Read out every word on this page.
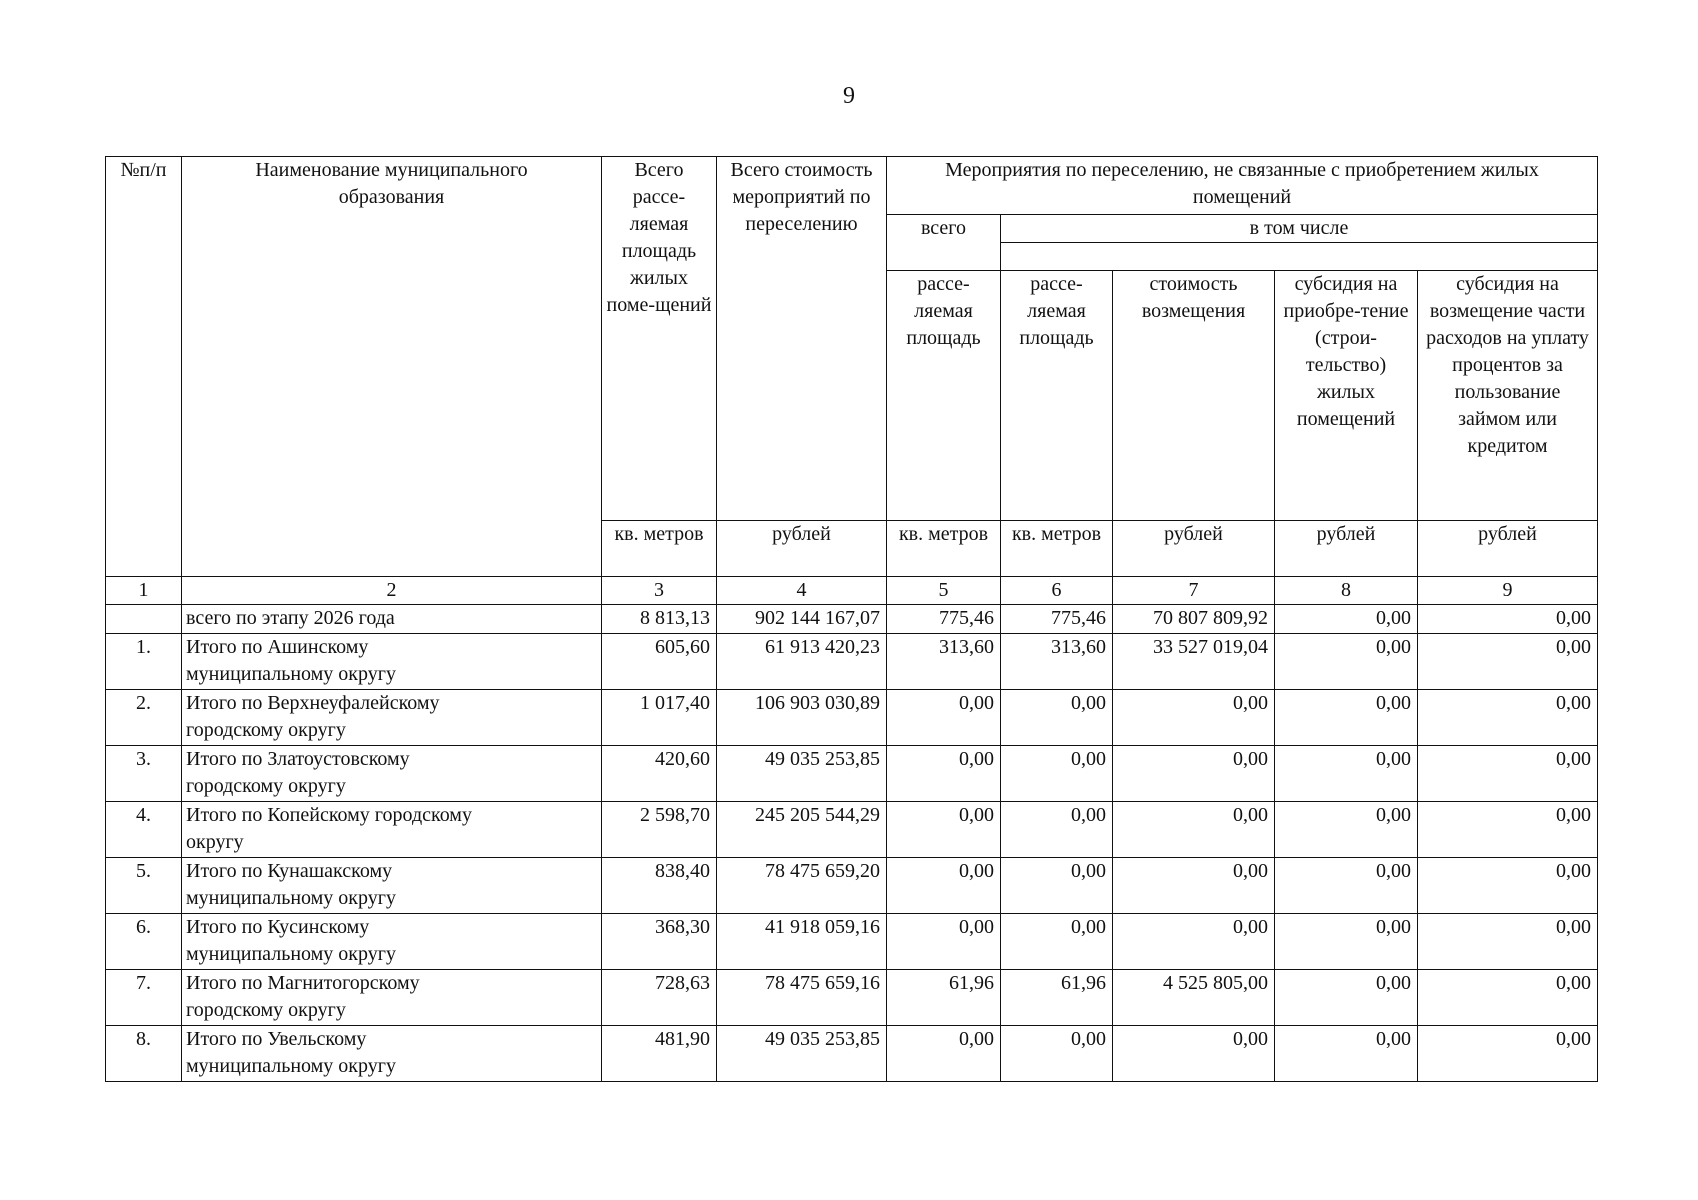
9
№п/п	Наименование муниципального образования	Всего рассе-ляемая площадь жилых поме-щений	Всего стоимость мероприятий по переселению	Мероприятия по переселению, не связанные с приобретением жилых помещений				
				всего	в том числе			

				рассе-ляемая площадь	рассе-ляемая площадь	стоимость возмещения	субсидия на приобре-тение (строи-тельство) жилых помещений	субсидия на возмещение части расходов на уплату процентов за пользование займом или кредитом
		кв. метров	рублей	кв. метров	кв. метров	рублей	рублей	рублей
1	2	3	4	5	6	7	8	9
	всего по этапу 2026 года	8 813,13	902 144 167,07	775,46	775,46	70 807 809,92	0,00	0,00
1.	Итого по Ашинскому муниципальному округу	605,60	61 913 420,23	313,60	313,60	33 527 019,04	0,00	0,00
2.	Итого по Верхнеуфалейскому городскому округу	1 017,40	106 903 030,89	0,00	0,00	0,00	0,00	0,00
3.	Итого по Златоустовскому городскому округу	420,60	49 035 253,85	0,00	0,00	0,00	0,00	0,00
4.	Итого по Копейскому городскому округу	2 598,70	245 205 544,29	0,00	0,00	0,00	0,00	0,00
5.	Итого по Кунашакскому муниципальному округу	838,40	78 475 659,20	0,00	0,00	0,00	0,00	0,00
6.	Итого по Кусинскому муниципальному округу	368,30	41 918 059,16	0,00	0,00	0,00	0,00	0,00
7.	Итого по Магнитогорскому городскому округу	728,63	78 475 659,16	61,96	61,96	4 525 805,00	0,00	0,00
8.	Итого по Увельскому муниципальному округу	481,90	49 035 253,85	0,00	0,00	0,00	0,00	0,00
